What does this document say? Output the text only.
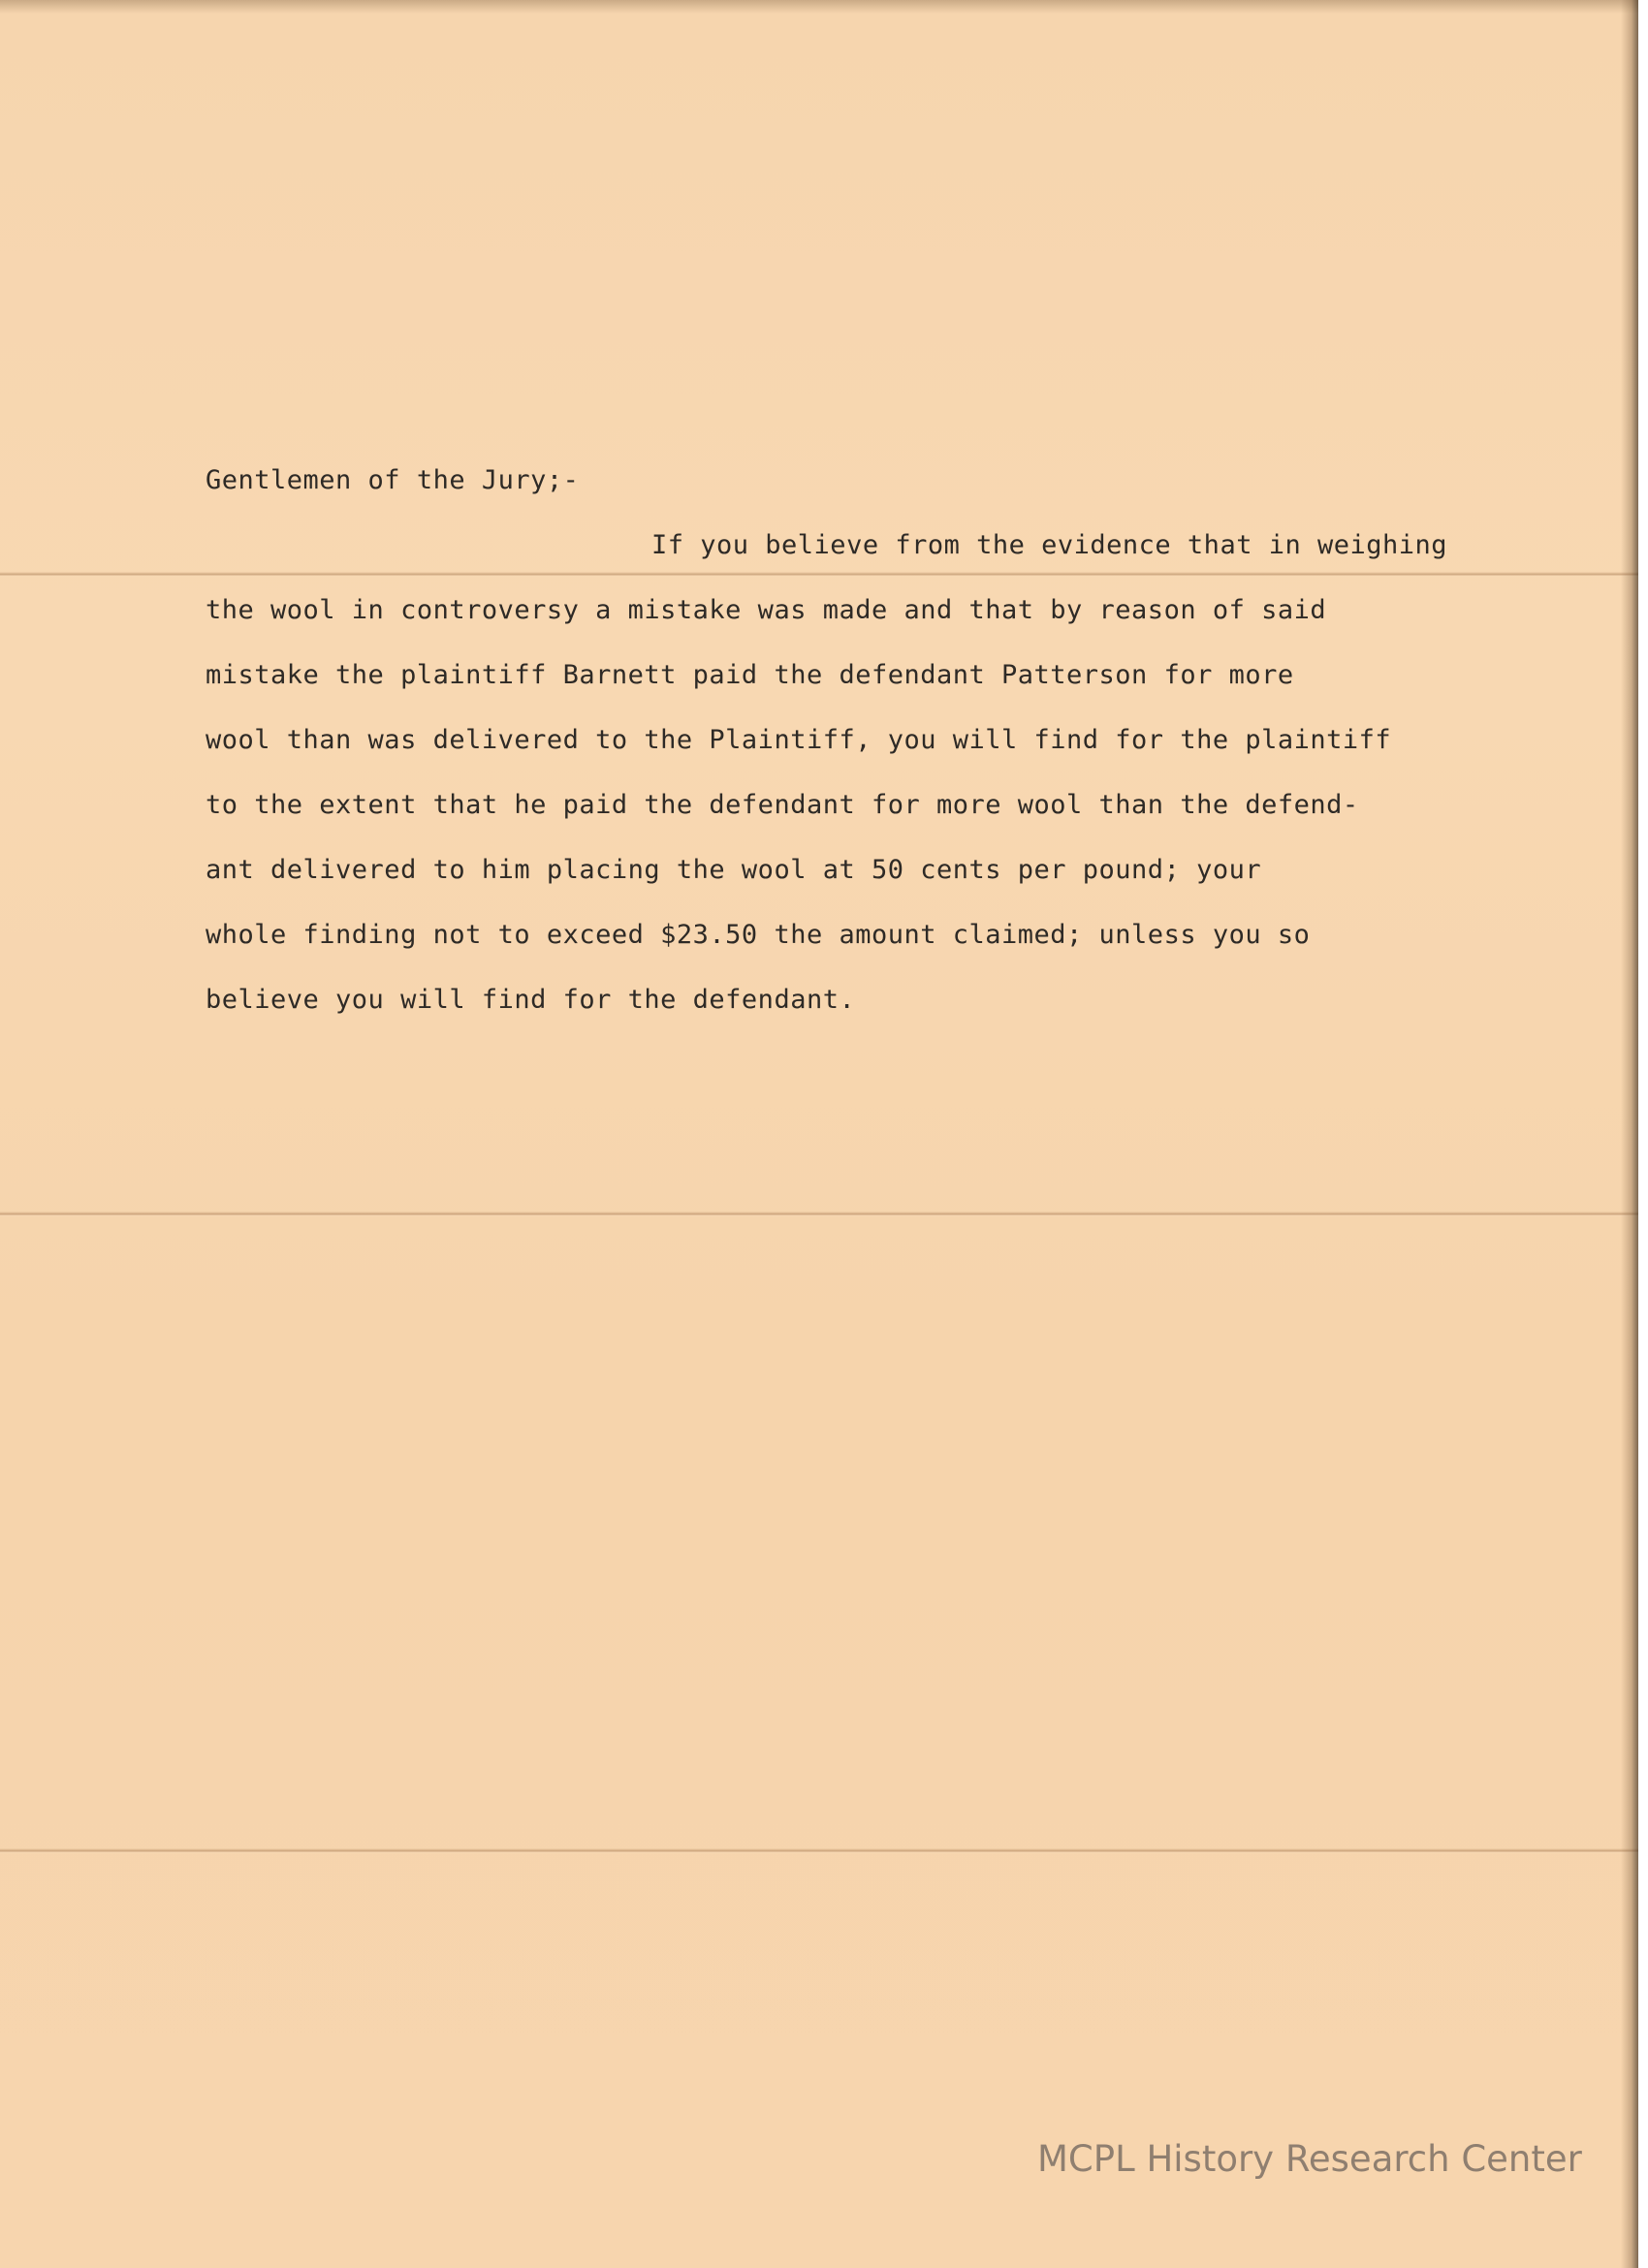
Gentlemen of the Jury;-

If you believe from the evidence that in weighing

the wool in controversy a mistake was made and that by reason of said

mistake the plaintiff Barnett paid the defendant Patterson for more

wool than was delivered to the Plaintiff, you will find for the plaintiff

to the extent that he paid the defendant for more wool than the defend-

ant delivered to him placing the wool at 50 cents per pound; your

whole finding not to exceed $23.50 the amount claimed; unless you so

believe you will find for the defendant.

MCPL History Research Center
